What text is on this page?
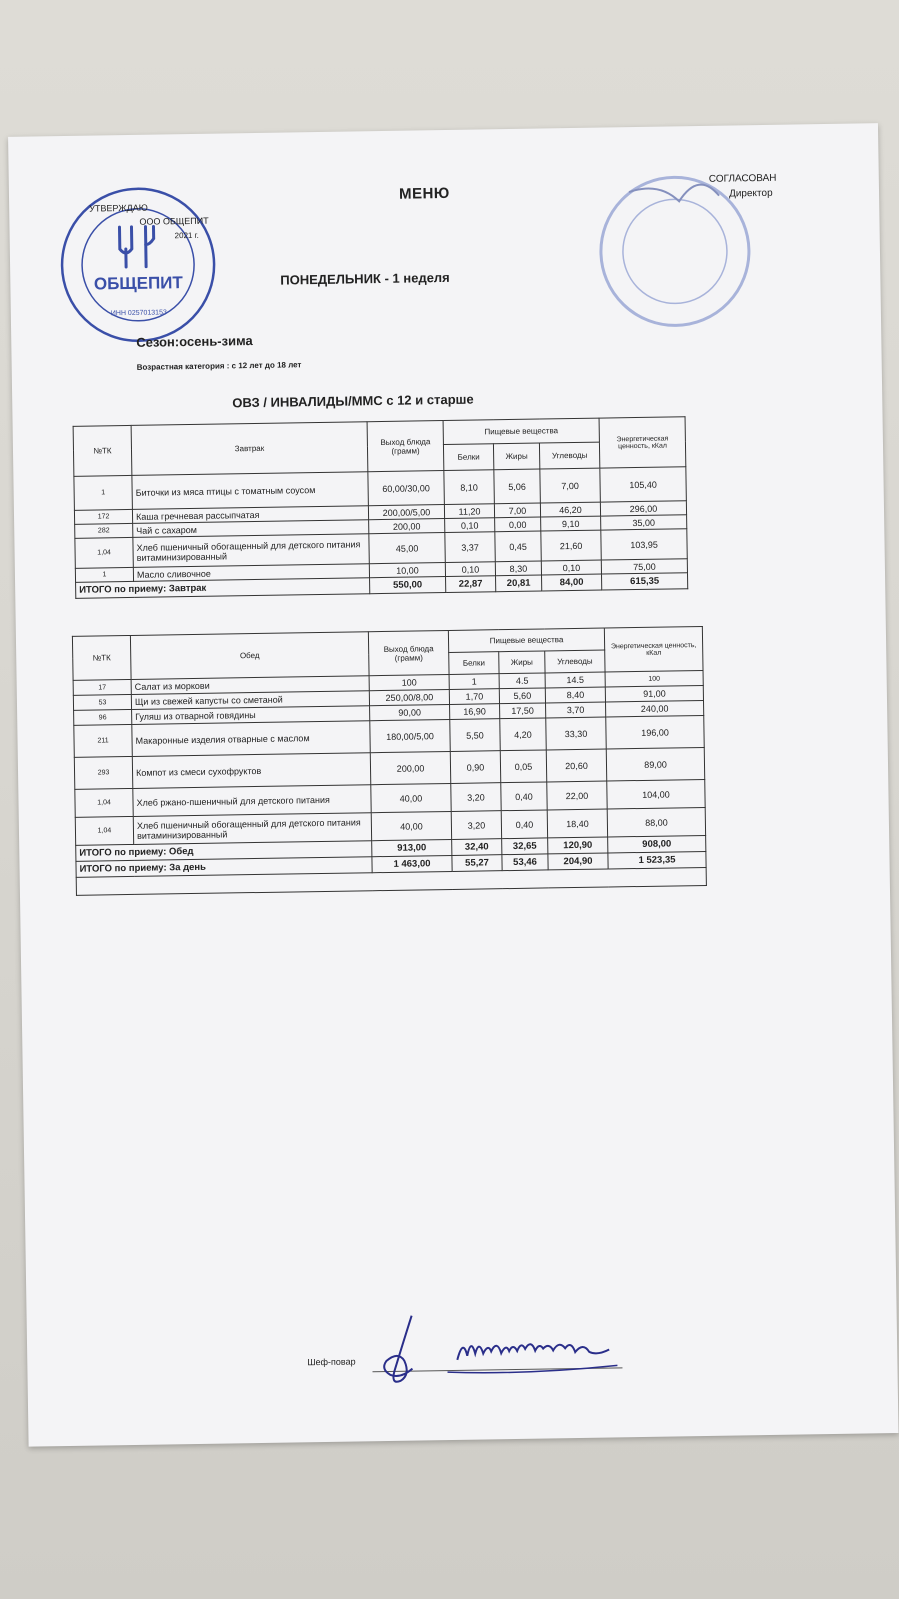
ОБЩЕПИТ
ИНН 0257013153
УТВЕРЖДАЮ
ООО ОБЩЕПИТ
2021 г.
СОГЛАСОВАН
Директор
МЕНЮ
ПОНЕДЕЛЬНИК - 1 неделя
Сезон:осень-зима
Возрастная категория : с 12 лет до 18 лет
ОВЗ / ИНВАЛИДЫ/ММС с 12 и старше
№ТК	Завтрак	Выход блюда (грамм)	Пищевые вещества			Энергетическая ценность, кКал
			Белки	Жиры	Углеводы	
1	Биточки из мяса птицы с томатным соусом	60,00/30,00	8,10	5,06	7,00	105,40
172	Каша гречневая рассыпчатая	200,00/5,00	11,20	7,00	46,20	296,00
282	Чай с сахаром	200,00	0,10	0,00	9,10	35,00
1,04	Хлеб пшеничный обогащенный для детского питания витаминизированный	45,00	3,37	0,45	21,60	103,95
1	Масло сливочное	10,00	0,10	8,30	0,10	75,00
ИТОГО по приему: Завтрак		550,00	22,87	20,81	84,00	615,35
№ТК	Обед	Выход блюда (грамм)	Пищевые вещества			Энергетическая ценность, кКал
			Белки	Жиры	Углеводы	
17	Салат из моркови	100	1	4.5	14.5	100
53	Щи из свежей капусты со сметаной	250,00/8,00	1,70	5,60	8,40	91,00
96	Гуляш из отварной говядины	90,00	16,90	17,50	3,70	240,00
211	Макаронные изделия отварные с маслом	180,00/5,00	5,50	4,20	33,30	196,00
293	Компот из смеси сухофруктов	200,00	0,90	0,05	20,60	89,00
1,04	Хлеб ржано-пшеничный для детского питания	40,00	3,20	0,40	22,00	104,00
1,04	Хлеб пшеничный обогащенный для детского питания витаминизированный	40,00	3,20	0,40	18,40	88,00
ИТОГО по приему: Обед		913,00	32,40	32,65	120,90	908,00
ИТОГО по приему: За день		1 463,00	55,27	53,46	204,90	1 523,35

Шеф-повар
